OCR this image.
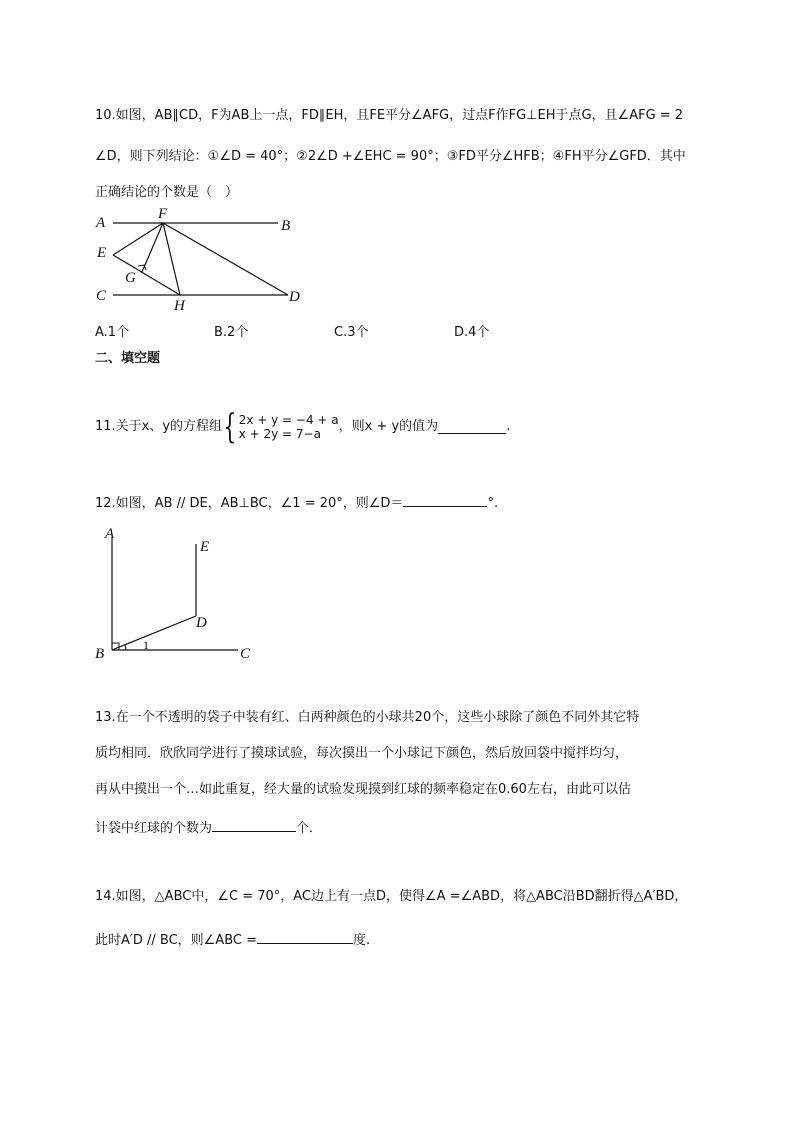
10.如图，AB∥CD，F为AB上一点，FD∥EH，且FE平分∠AFG，过点F作FG⊥EH于点G，且∠AFG = 2
∠D，则下列结论：①∠D = 40°；②2∠D +∠EHC = 90°；③FD平分∠HFB；④FH平分∠GFD．其中
正确结论的个数是（　）
A
F
B
E
G
C
H
D
A.1个	B.2个	C.3个	D.4个
二、填空题
11.关于x、y的方程组 { 2x + y = −4 + a
x + 2y = 7−a	，则x + y的值为	.
12.如图，AB // DE，AB⊥BC，∠1 = 20°，则∠D＝	°.
A
E
D
B	C
1
13.在一个不透明的袋子中装有红、白两种颜色的小球共20个，这些小球除了颜色不同外其它特
质均相同．欣欣同学进行了摸球试验，每次摸出一个小球记下颜色，然后放回袋中搅拌均匀，
再从中摸出一个…如此重复，经大量的试验发现摸到红球的频率稳定在0.60左右，由此可以估
计袋中红球的个数为	个．
14.如图，△ABC中，∠C = 70°，AC边上有一点D，使得∠A =∠ABD，将△ABC沿BD翻折得△A′BD，
此时A′D // BC，则∠ABC =	度.
